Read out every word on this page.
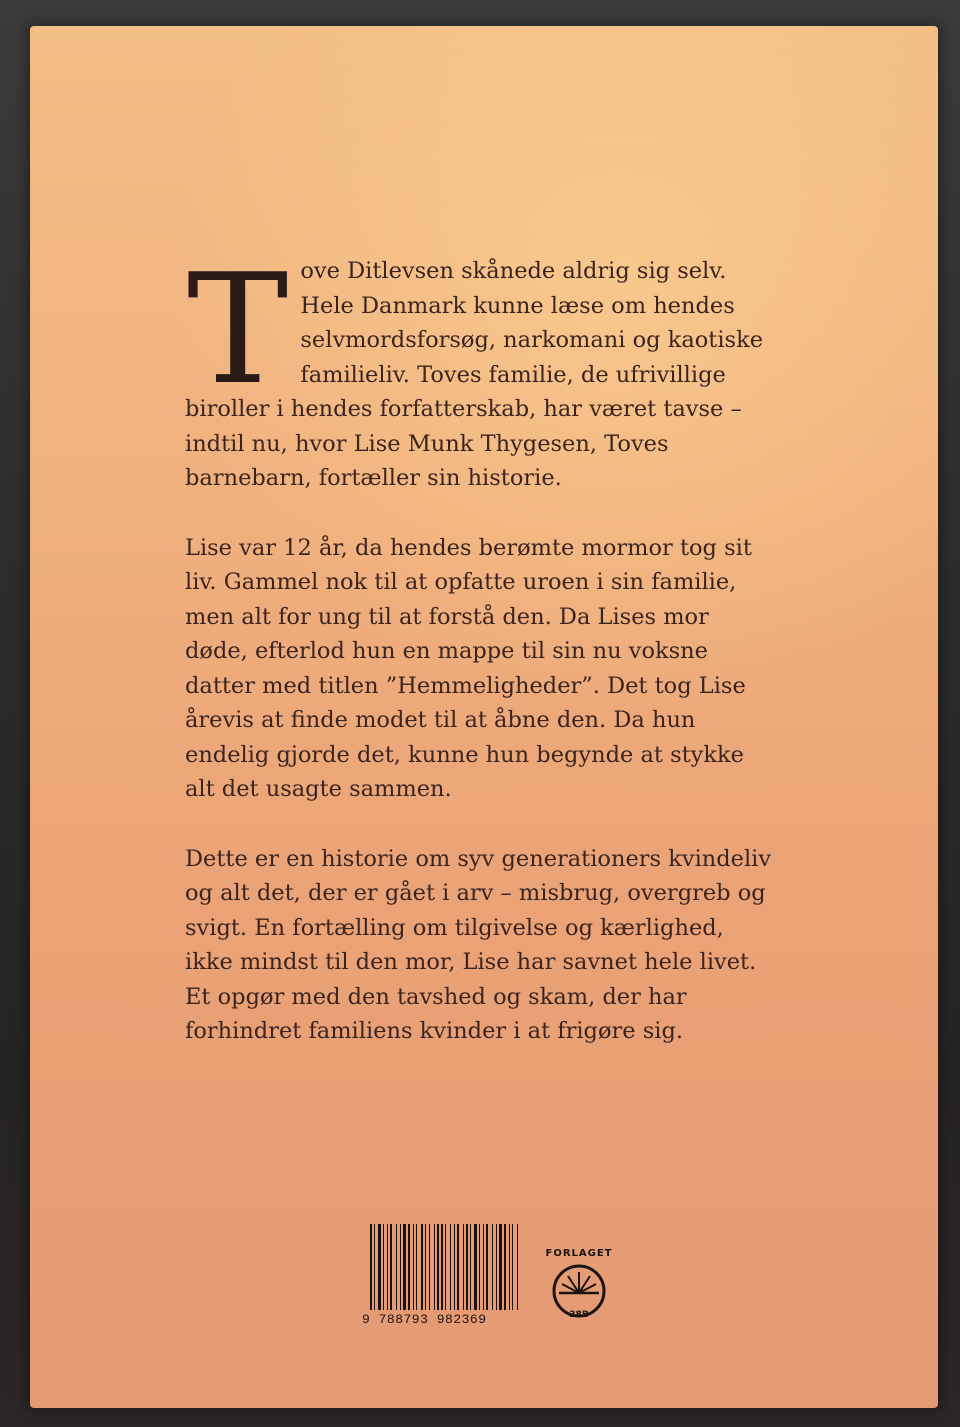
Tove Ditlevsen skånede aldrig sig selv. Hele Danmark kunne læse om hendes selvmordsforsøg, narkomani og kaotiske familieliv. Toves familie, de ufrivillige biroller i hendes forfatterskab, har været tavse – indtil nu, hvor Lise Munk Thygesen, Toves barnebarn, fortæller sin historie.

Lise var 12 år, da hendes berømte mormor tog sit liv. Gammel nok til at opfatte uroen i sin familie, men alt for ung til at forstå den. Da Lises mor døde, efterlod hun en mappe til sin nu voksne datter med titlen ”Hemmeligheder”. Det tog Lise årevis at finde modet til at åbne den. Da hun endelig gjorde det, kunne hun begynde at stykke alt det usagte sammen.

Dette er en historie om syv generationers kvindeliv og alt det, der er gået i arv – misbrug, overgreb og svigt. En fortælling om tilgivelse og kærlighed, ikke mindst til den mor, Lise har savnet hele livet. Et opgør med den tavshed og skam, der har forhindret familiens kvinder i at frigøre sig.

9 788793 982369
FORLAGET
28B
